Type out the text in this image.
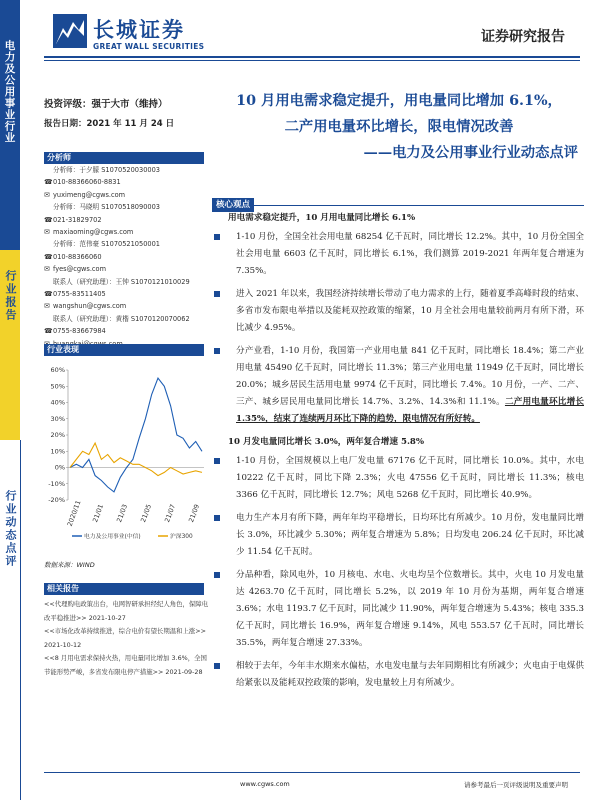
长城证券
GREAT WALL SECURITIES
证券研究报告
电力及公用事业行业
行业报告
行业动态点评
投资评级：强于大市（维持）
报告日期：2021 年 11 月 24 日
分析师
分析师：于夕朦 S1070520030003
☎ 010-88366060-8831
✉ yuximeng@cgws.com
分析师：马晓明 S1070518090003
☎ 021-31829702
✉ maxiaoming@cgws.com
分析师：范伟豪 S1070521050001
☎ 010-88366060
✉ fyes@cgws.com
联系人（研究助理）：王钟 S1070121010029
☎ 0755-83511405
✉ wangshun@cgws.com
联系人（研究助理）：黄楷 S1070120070062
☎ 0755-83667984
行业表现
-20%
-10%
0%
10%
20%
30%
40%
50%
60%
2020/11 21/01 21/03 21/05 21/07 21/09
电力及公用事业(中信)	沪深300
数据来源：WIND
相关报告
<<代理购电政策出台，电网智研承担经纪人角色，保障电改平稳推进>> 2021-10-27
<<市场化改革持续推进，综合电价有望长期温和上涨>> 2021-10-12
<<8 月用电需求保持火热，用电量同比增加 3.6%，全国节能形势严峻，多省发布限电停产措施>> 2021-09-28
10 月用电需求稳定提升，用电量同比增加 6.1%，
二产用电量环比增长，限电情况改善
——电力及公用事业行业动态点评
核心观点
用电需求稳定提升，10 月用电量同比增长 6.1%
1-10 月份，全国全社会用电量 68254 亿千瓦时，同比增长 12.2%。其中，10 月份全国全社会用电量 6603 亿千瓦时，同比增长 6.1%，我们测算 2019-2021 年两年复合增速为 7.35%。
进入 2021 年以来，我国经济持续增长带动了电力需求的上行，随着夏季高峰时段的结束、多省市发布限电举措以及能耗双控政策的缩紧，10 月全社会用电量较前两月有所下滑，环比减少 4.95%。
分产业看，1-10 月份，我国第一产业用电量 841 亿千瓦时，同比增长 18.4%；第二产业用电量 45490 亿千瓦时，同比增长 11.3%；第三产业用电量 11949 亿千瓦时，同比增长 20.0%；城乡居民生活用电量 9974 亿千瓦时，同比增长 7.4%。10 月份，一产、二产、三产、城乡居民用电量同比增长 14.7%、3.2%、14.3%和 11.1%。二产用电量环比增长 1.35%，结束了连续两月环比下降的趋势，限电情况有所好转。
10 月发电量同比增长 3.0%，两年复合增速 5.8%
1-10 月份，全国规模以上电厂发电量 67176 亿千瓦时，同比增长 10.0%。其中，水电 10222 亿千瓦时，同比下降 2.3%；火电 47556 亿千瓦时，同比增长 11.3%；核电 3366 亿千瓦时，同比增长 12.7%；风电 5268 亿千瓦时，同比增长 40.9%。
电力生产本月有所下降，两年年均平稳增长，日均环比有所减少。10 月份，发电量同比增长 3.0%，环比减少 5.30%；两年复合增速为 5.8%；日均发电 206.24 亿千瓦时，环比减少 11.54 亿千瓦时。
分品种看，除风电外，10 月核电、水电、火电均呈个位数增长。其中，火电 10 月发电量达 4263.70 亿千瓦时，同比增长 5.2%，以 2019 年 10 月份为基期，两年复合增速 3.6%；水电 1193.7 亿千瓦时，同比减少 11.90%，两年复合增速为 5.43%；核电 335.3 亿千瓦时，同比增长 16.9%，两年复合增速 9.14%，风电 553.57 亿千瓦时，同比增长 35.5%，两年复合增速 27.33%。
相较于去年，今年丰水期来水偏枯，水电发电量与去年同期相比有所减少；火电由于电煤供给紧张以及能耗双控政策的影响，发电量较上月有所减少。
www.cgws.com	请参考最后一页评级说明及重要声明
